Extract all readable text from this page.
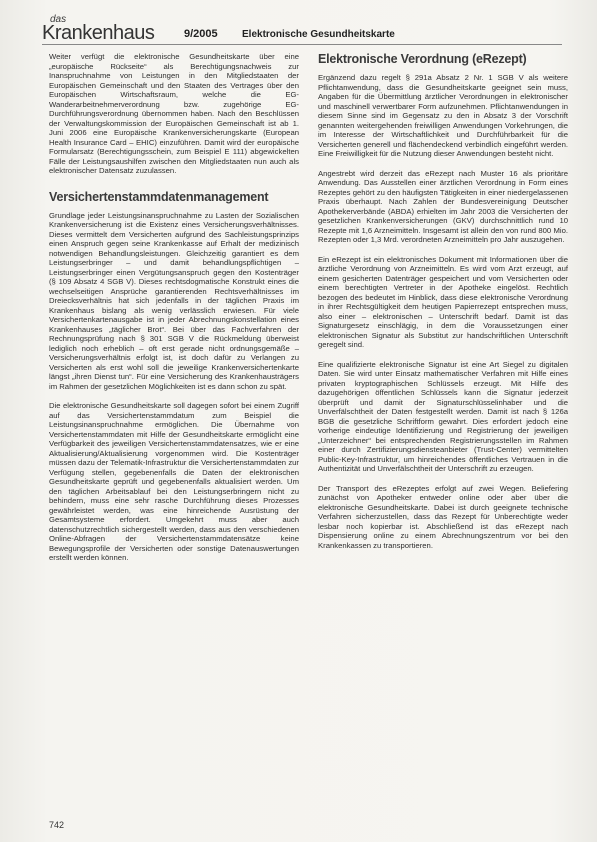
das
Krankenhaus	9/2005 Elektronische Gesundheitskarte

Weiter verfügt die elektronische Gesundheitskarte über eine „europäische Rückseite“ als Berechtigungsnachweis zur Inanspruchnahme von Leistungen in den Mitgliedstaaten der Europäischen Gemeinschaft und den Staaten des Vertrages über den Europäischen Wirtschaftsraum, welche die EG-Wanderarbeitnehmerverordnung bzw. zugehörige EG-Durchführungsverordnung übernommen haben. Nach den Beschlüssen der Verwaltungskommission der Europäischen Gemeinschaft ist ab 1. Juni 2006 eine Europäische Krankenversicherungskarte (European Health Insurance Card – EHIC) einzuführen. Damit wird der europäische Formularsatz (Berechtigungsschein, zum Beispiel E 111) abgewickelten Fälle der Leistungsaushilfen zwischen den Mitgliedstaaten nun auch als elektronischer Datensatz zuzulassen.

Versichertenstammdatenmanagement

Grundlage jeder Leistungsinanspruchnahme zu Lasten der Sozialischen Krankenversicherung ist die Existenz eines Versicherungsverhältnisses. Dieses vermittelt dem Versicherten aufgrund des Sachleistungsprinzips einen Anspruch gegen seine Krankenkasse auf Erhalt der medizinisch notwendigen Behandlungsleistungen. Gleichzeitig garantiert es dem Leistungserbringer – und damit behandlungspflichtigen – Leistungserbringer einen Vergütungsanspruch gegen den Kostenträger (§ 109 Absatz 4 SGB V). Dieses rechtsdogmatische Konstrukt eines die wechselseitigen Ansprüche garantierenden Rechtsverhältnisses im Dreiecksverhältnis hat sich jedenfalls in der täglichen Praxis im Krankenhaus bislang als wenig verlässlich erwiesen. Für viele Versichertenkartenausgabe ist in jeder Abrechnungskonstellation eines Krankenhauses „täglicher Brot“. Bei über das Fachverfahren der Rechnungsprüfung nach § 301 SGB V die Rückmeldung überweist lediglich noch erheblich – oft erst gerade nicht ordnungsgemäße – Versicherungsverhältnis erfolgt ist, ist doch dafür zu Verlangen zu Versicherten als erst wohl soll die jeweilige Krankenversichertenkarte längst „ihren Dienst tun“. Für eine Versicherung des Krankenhausträgers im Rahmen der gesetzlichen Möglichkeiten ist es dann schon zu spät.

Die elektronische Gesundheitskarte soll dagegen sofort bei einem Zugriff auf das Versichertenstammdatum zum Beispiel die Leistungsinanspruchnahme ermöglichen. Die Übernahme von Versichertenstammdaten mit Hilfe der Gesundheitskarte ermöglicht eine Verfügbarkeit des jeweiligen Versichertenstammdatensatzes, wie er eine Aktualisierung/Aktualisierung vorgenommen wird. Die Kostenträger müssen dazu der Telematik-Infrastruktur die Versichertenstammdaten zur Verfügung stellen, gegebenenfalls die Daten der elektronischen Gesundheitskarte geprüft und gegebenenfalls aktualisiert werden. Um den täglichen Arbeitsablauf bei den Leistungserbringern nicht zu behindern, muss eine sehr rasche Durchführung dieses Prozesses gewährleistet werden, was eine hinreichende Ausrüstung der Gesamtsysteme erfordert. Umgekehrt muss aber auch datenschutzrechtlich sichergestellt werden, dass aus den verschiedenen Online-Abfragen der Versichertenstammdatensätze keine Bewegungsprofile der Versicherten oder sonstige Datenauswertungen erstellt werden können.

Elektronische Verordnung (eRezept)

Ergänzend dazu regelt § 291a Absatz 2 Nr. 1 SGB V als weitere Pflichtanwendung, dass die Gesundheitskarte geeignet sein muss, Angaben für die Übermittlung ärztlicher Verordnungen in elektronischer und maschinell verwertbarer Form aufzunehmen. Pflichtanwendungen in diesem Sinne sind im Gegensatz zu den in Absatz 3 der Vorschrift genannten weitergehenden freiwilligen Anwendungen Vorkehrungen, die im Interesse der Wirtschaftlichkeit und Durchführbarkeit für die Versicherten generell und flächendeckend verbindlich eingeführt werden. Eine Freiwilligkeit für die Nutzung dieser Anwendungen besteht nicht.

Angestrebt wird derzeit das eRezept nach Muster 16 als prioritäre Anwendung. Das Ausstellen einer ärztlichen Verordnung in Form eines Rezeptes gehört zu den häufigsten Tätigkeiten in einer niedergelassenen Praxis überhaupt. Nach Zahlen der Bundesvereinigung Deutscher Apothekerverbände (ABDA) erhielten im Jahr 2003 die Versicherten der gesetzlichen Krankenversicherungen (GKV) durchschnittlich rund 10 Rezepte mit 1,6 Arzneimitteln. Insgesamt ist allein den von rund 800 Mio. Rezepten oder 1,3 Mrd. verordneten Arzneimitteln pro Jahr auszugehen.

Ein eRezept ist ein elektronisches Dokument mit Informationen über die ärztliche Verordnung von Arzneimitteln. Es wird vom Arzt erzeugt, auf einem gesicherten Datenträger gespeichert und vom Versicherten oder einem berechtigten Vertreter in der Apotheke eingelöst. Rechtlich bezogen des bedeutet im Hinblick, dass diese elektronische Verordnung in ihrer Rechtsgültigkeit dem heutigen Papierrezept entsprechen muss, also einer – elektronischen – Unterschrift bedarf. Damit ist das Signaturgesetz einschlägig, in dem die Voraussetzungen einer elektronischen Signatur als Substitut zur handschriftlichen Unterschrift geregelt sind.

Eine qualifizierte elektronische Signatur ist eine Art Siegel zu digitalen Daten. Sie wird unter Einsatz mathematischer Verfahren mit Hilfe eines privaten kryptographischen Schlüssels erzeugt. Mit Hilfe des dazugehörigen öffentlichen Schlüssels kann die Signatur jederzeit überprüft und damit der Signaturschlüsselinhaber und die Unverfälschtheit der Daten festgestellt werden. Damit ist nach § 126a BGB die gesetzliche Schriftform gewahrt. Dies erfordert jedoch eine vorherige eindeutige Identifizierung und Registrierung der jeweiligen „Unterzeichner“ bei entsprechenden Registrierungsstellen im Rahmen einer durch Zertifizierungsdiensteanbieter (Trust-Center) vermittelten Public-Key-Infrastruktur, um hinreichendes öffentliches Vertrauen in die Authentizität und Unverfälschtheit der Unterschrift zu erzeugen.

Der Transport des eRezeptes erfolgt auf zwei Wegen. Beliefering zunächst von Apotheker entweder online oder aber über die elektronische Gesundheitskarte. Dabei ist durch geeignete technische Verfahren sicherzustellen, dass das Rezept für Unberechtigte weder lesbar noch kopierbar ist. Abschließend ist das eRezept nach Dispensierung online zu einem Abrechnungszentrum vor bei den Krankenkassen zu transportieren.

742
